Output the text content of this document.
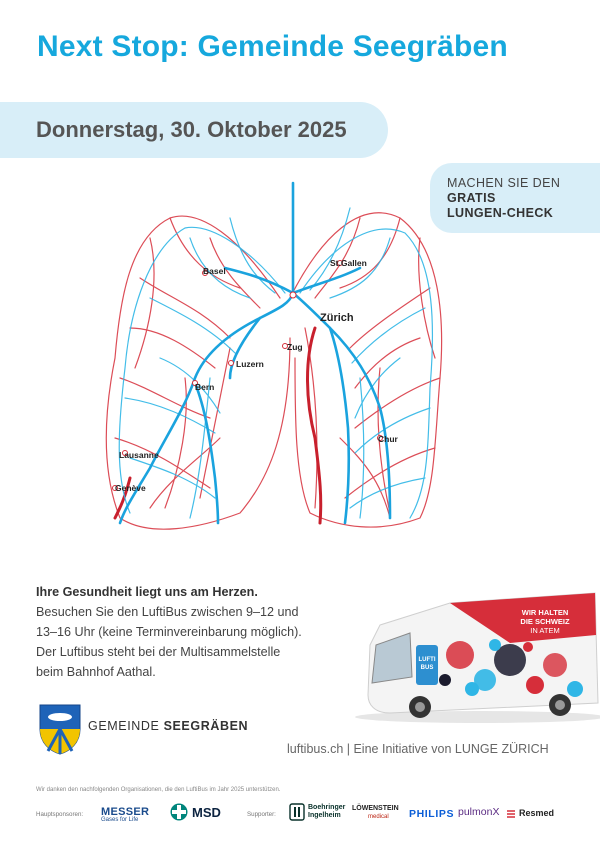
Next Stop: Gemeinde Seegräben
Donnerstag, 30. Oktober 2025
MACHEN SIE DEN
GRATIS
LUNGEN-CHECK
Basel
St.Gallen
Zürich
Zug
Luzern
Bern
Chur
Lausanne
Genève
Ihre Gesundheit liegt uns am Herzen.
Besuchen Sie den LuftiBus zwischen 9–12 und
13–16 Uhr (keine Terminvereinbarung möglich).
Der Luftibus steht bei der Multisammelstelle
beim Bahnhof Aathal.
WIR HALTEN
DIE SCHWEIZ
IN ATEM
LUFTI
BUS
GEMEINDE SEEGRÄBEN
luftibus.ch | Eine Initiative von LUNGE ZÜRICH
Wir danken den nachfolgenden Organisationen, die den LuftiBus im Jahr 2025 unterstützen.
Hauptsponsoren: MESSER
Gases for Life
MSD	Supporter:
Boehringer
Ingelheim
LÖWENSTEIN
medical	PHILIPS pulmonX Resmed
